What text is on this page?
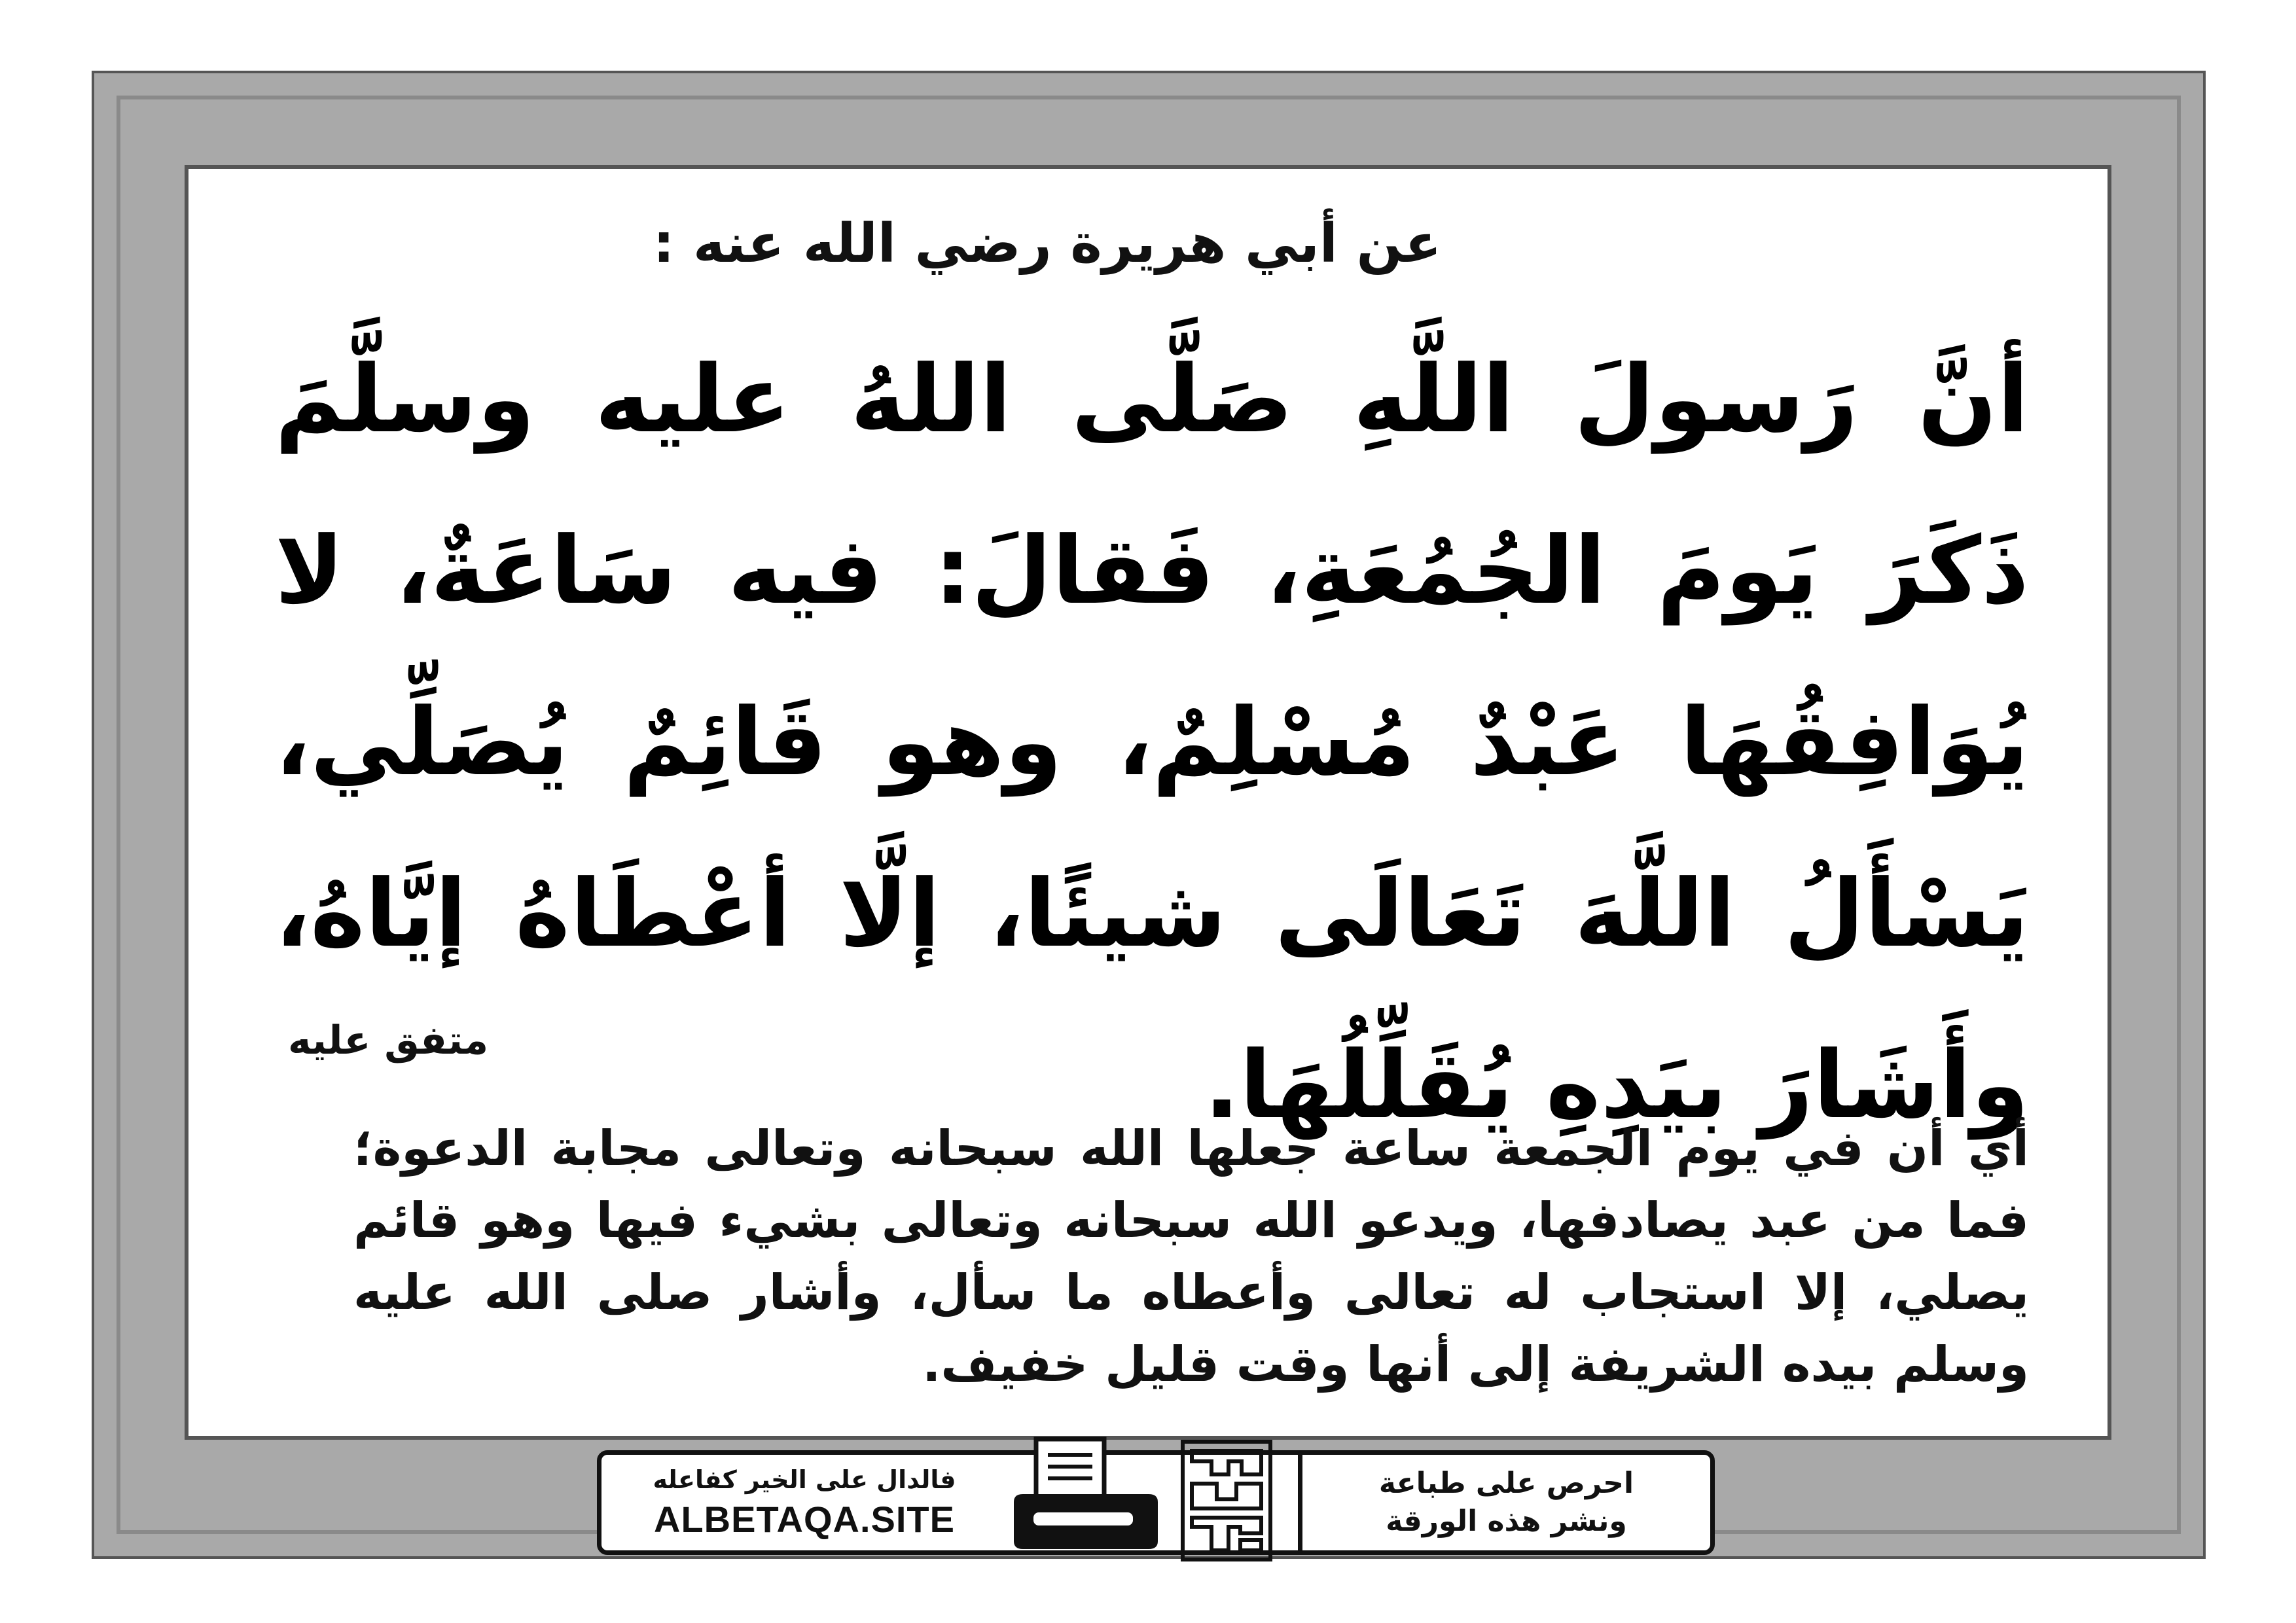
عن أبي هريرة رضي الله عنه :

أنَّ رَسولَ اللَّهِ صَلَّى اللهُ عليه وسلَّمَ ذَكَرَ يَومَ الجُمُعَةِ، فَقالَ: فيه سَاعَةٌ، لا يُوَافِقُهَا عَبْدٌ مُسْلِمٌ، وهو قَائِمٌ يُصَلِّي، يَسْأَلُ اللَّهَ تَعَالَى شيئًا، إلَّا أعْطَاهُ إيَّاهُ، وأَشَارَ بيَدِهِ يُقَلِّلُهَا.

متفق عليه

أي أن في يوم الجمعة ساعة جعلها الله سبحانه وتعالى مجابة الدعوة؛ فما من عبد يصادفها، ويدعو الله سبحانه وتعالى بشيء فيها وهو قائم يصلي، إلا استجاب له تعالى وأعطاه ما سأل، وأشار صلى الله عليه وسلم بيده الشريفة إلى أنها وقت قليل خفيف.

فالدال على الخير كفاعله
ALBETAQA.SITE
احرص على طباعة
ونشر هذه الورقة
